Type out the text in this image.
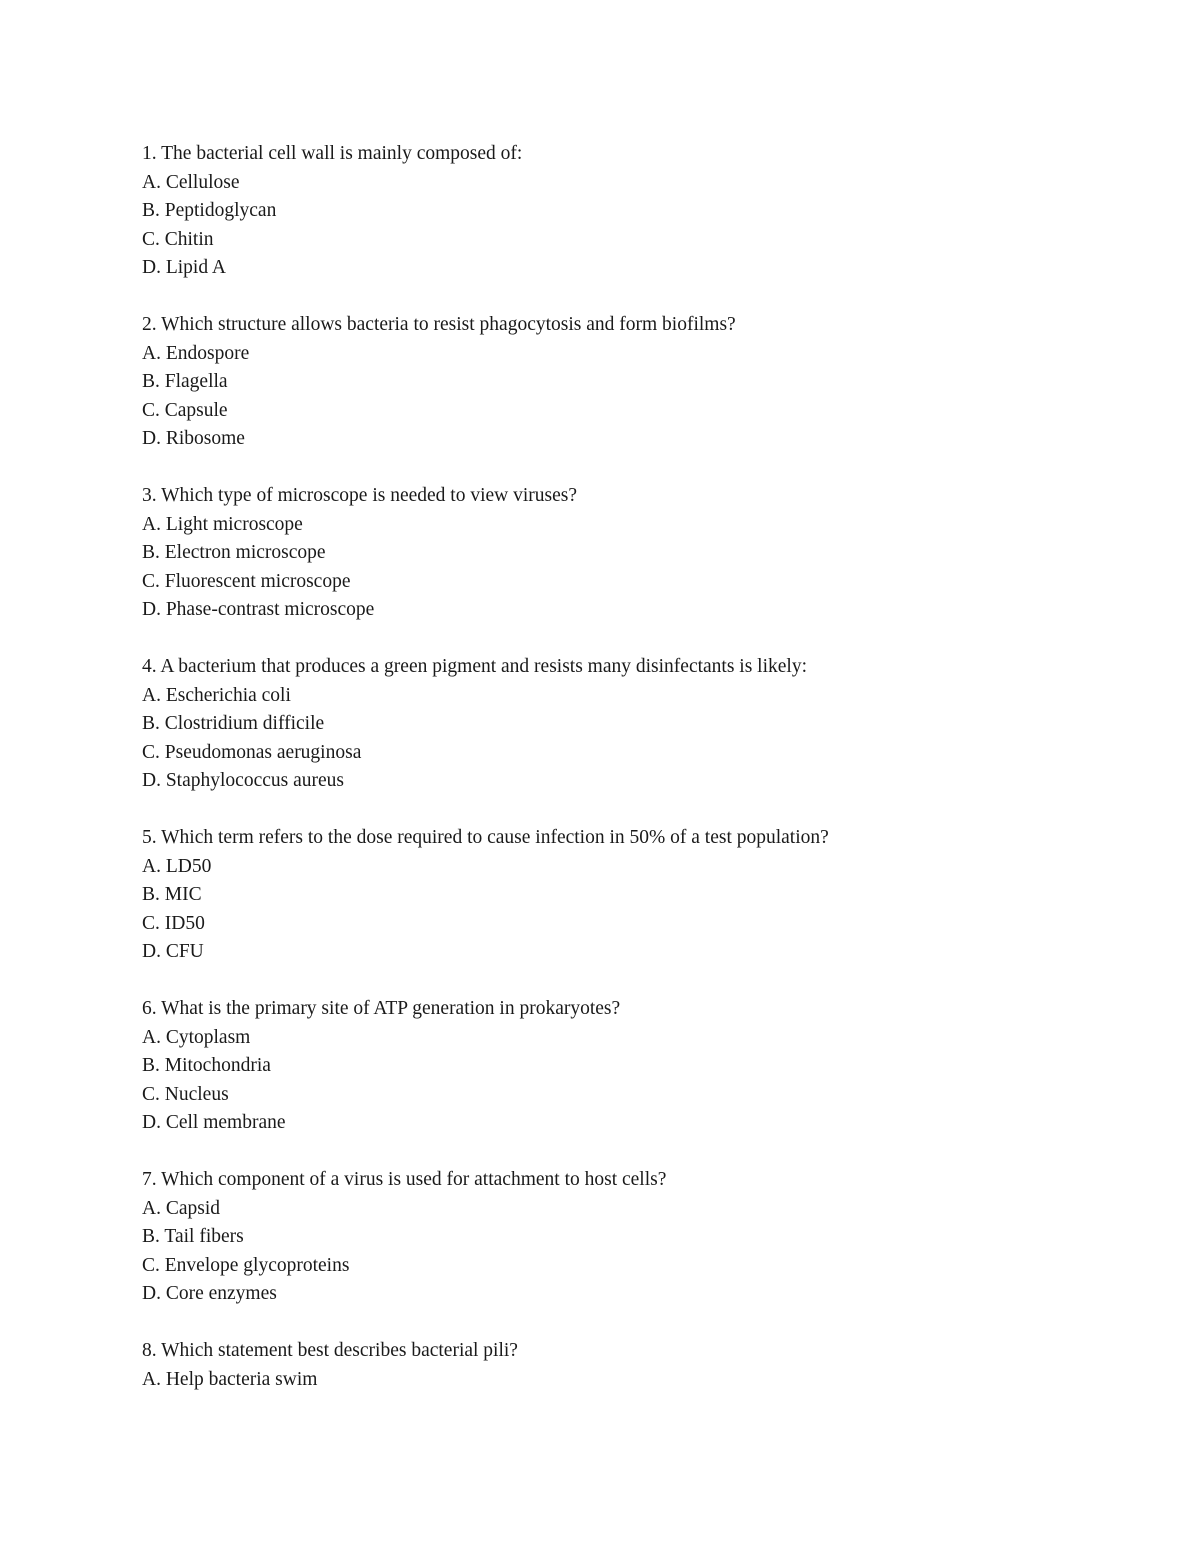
1. The bacterial cell wall is mainly composed of:
A. Cellulose
B. Peptidoglycan
C. Chitin
D. Lipid A
2. Which structure allows bacteria to resist phagocytosis and form biofilms?
A. Endospore
B. Flagella
C. Capsule
D. Ribosome
3. Which type of microscope is needed to view viruses?
A. Light microscope
B. Electron microscope
C. Fluorescent microscope
D. Phase-contrast microscope
4. A bacterium that produces a green pigment and resists many disinfectants is likely:
A. Escherichia coli
B. Clostridium difficile
C. Pseudomonas aeruginosa
D. Staphylococcus aureus
5. Which term refers to the dose required to cause infection in 50% of a test population?
A. LD50
B. MIC
C. ID50
D. CFU
6. What is the primary site of ATP generation in prokaryotes?
A. Cytoplasm
B. Mitochondria
C. Nucleus
D. Cell membrane
7. Which component of a virus is used for attachment to host cells?
A. Capsid
B. Tail fibers
C. Envelope glycoproteins
D. Core enzymes
8. Which statement best describes bacterial pili?
A. Help bacteria swim
